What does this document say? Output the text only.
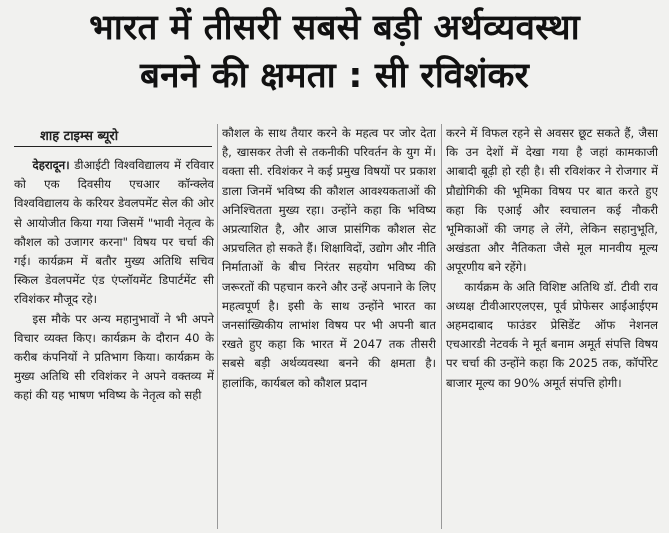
भारत में तीसरी सबसे बड़ी अर्थव्यवस्था
बनने की क्षमता : सी रविशंकर
शाह टाइम्स ब्यूरो

देहरादून। डीआईटी विश्वविद्यालय में रविवार को एक दिवसीय एचआर कॉन्क्लेव विश्वविद्यालय के करियर डेवलपमेंट सेल की ओर से आयोजीत किया गया जिसमें "भावी नेतृत्व के कौशल को उजागर करना" विषय पर चर्चा की गई। कार्यक्रम में बतौर मुख्य अतिथि सचिव स्किल डेवलपमेंट एंड एंप्लॉयमेंट डिपार्टमेंट सी रविशंकर मौजूद रहे।

इस मौके पर अन्य महानुभावों ने भी अपने विचार व्यक्त किए। कार्यक्रम के दौरान 40 के करीब कंपनियों ने प्रतिभाग किया। कार्यक्रम के मुख्य अतिथि सी रविशंकर ने अपने वक्तव्य में कहां की यह भाषण भविष्य के नेतृत्व को सही

कौशल के साथ तैयार करने के महत्व पर जोर देता है, खासकर तेजी से तकनीकी परिवर्तन के युग में। वक्ता सी. रविशंकर ने कई प्रमुख विषयों पर प्रकाश डाला जिनमें भविष्य की कौशल आवश्यकताओं की अनिश्चितता मुख्य रहा। उन्होंने कहा कि भविष्य अप्रत्याशित है, और आज प्रासंगिक कौशल सेट अप्रचलित हो सकते हैं। शिक्षाविदों, उद्योग और नीति निर्माताओं के बीच निरंतर सहयोग भविष्य की जरूरतों की पहचान करने और उन्हें अपनाने के लिए महत्वपूर्ण है। इसी के साथ उन्होंने भारत का जनसांख्यिकीय लाभांश विषय पर भी अपनी बात रखते हुए कहा कि भारत में 2047 तक तीसरी सबसे बड़ी अर्थव्यवस्था बनने की क्षमता है। हालांकि, कार्यबल को कौशल प्रदान

करने में विफल रहने से अवसर छूट सकते हैं, जैसा कि उन देशों में देखा गया है जहां कामकाजी आबादी बूढ़ी हो रही है। सी रविशंकर ने रोजगार में प्रौद्योगिकी की भूमिका विषय पर बात करते हुए कहा कि एआई और स्वचालन कई नौकरी भूमिकाओं की जगह ले लेंगे, लेकिन सहानुभूति, अखंडता और नैतिकता जैसे मूल मानवीय मूल्य अपूरणीय बने रहेंगे।

कार्यक्रम के अति विशिष्ट अतिथि डॉ. टीवी राव अध्यक्ष टीवीआरएलएस, पूर्व प्रोफेसर आईआईएम अहमदाबाद फाउंडर प्रेसिडेंट ऑफ नेशनल एचआरडी नेटवर्क ने मूर्त बनाम अमूर्त संपत्ति विषय पर चर्चा की उन्होंने कहा कि 2025 तक, कॉर्पोरेट बाजार मूल्य का 90% अमूर्त संपत्ति होगी।
